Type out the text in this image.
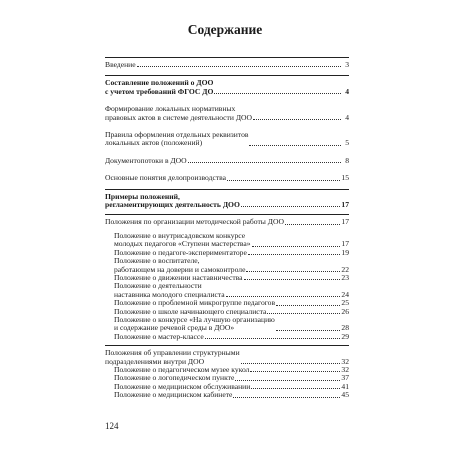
Содержание
Введение	3
Составление положений о ДОО
с учетом требований ФГОС ДО	4
Формирование локальных нормативных
правовых актов в системе деятельности ДОО	4
Правила оформления отдельных реквизитов
локальных актов (положений)	5
Документопотоки в ДОО	8
Основные понятия делопроизводства	15
Примеры положений,
регламентирующих деятельность ДОО	17
Положения по организации методической работы ДОО	17
Положение о внутрисадовском конкурсе
молодых педагогов «Ступени мастерства»	17
Положение о педагоге-экспериментаторе	19
Положение о воспитателе,
работающем на доверии и самоконтроле	22
Положение о движении наставничества	23
Положение о деятельности
наставника молодого специалиста	24
Положение о проблемной микрогруппе педагогов	25
Положение о школе начинающего специалиста	26
Положение о конкурсе «На лучшую организацию
и содержание речевой среды в ДОО»	28
Положение о мастер-классе	29
Положения об управлении структурными
подразделениями внутри ДОО	32
Положение о педагогическом музее кукол	32
Положение о логопедическом пункте	37
Положение о медицинском обслуживании	41
Положение о медицинском кабинете	45
124
